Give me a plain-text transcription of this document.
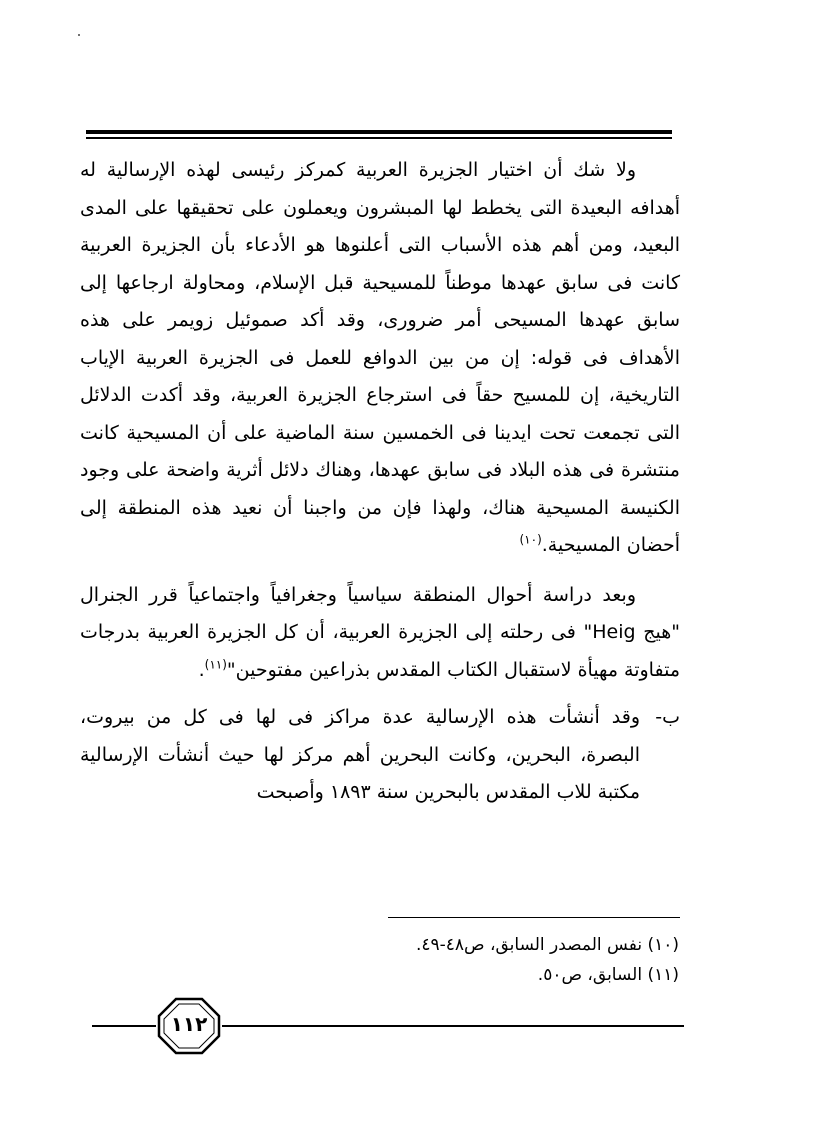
ولا شك أن اختيار الجزيرة العربية كمركز رئيسى لهذه الإرسالية له أهدافه البعيدة التى يخطط لها المبشرون ويعملون على تحقيقها على المدى البعيد، ومن أهم هذه الأسباب التى أعلنوها هو الأدعاء بأن الجزيرة العربية كانت فى سابق عهدها موطناً للمسيحية قبل الإسلام، ومحاولة ارجاعها إلى سابق عهدها المسيحى أمر ضرورى، وقد أكد صموئيل زويمر على هذه الأهداف فى قوله: إن من بين الدوافع للعمل فى الجزيرة العربية الإياب التاريخية، إن للمسيح حقاً فى استرجاع الجزيرة العربية، وقد أكدت الدلائل التى تجمعت تحت ايدينا فى الخمسين سنة الماضية على أن المسيحية كانت منتشرة فى هذه البلاد فى سابق عهدها، وهناك دلائل أثرية واضحة على وجود الكنيسة المسيحية هناك، ولهذا فإن من واجبنا أن نعيد هذه المنطقة إلى أحضان المسيحية.$^{(١٠)}$

وبعد دراسة أحوال المنطقة سياسياً وجغرافياً واجتماعياً قرر الجنرال "هيج Heig" فى رحلته إلى الجزيرة العربية، أن كل الجزيرة العربية بدرجات متفاوتة مهيأة لاستقبال الكتاب المقدس بذراعين مفتوحين"$^{(١١)}$.

ب-وقد أنشأت هذه الإرسالية عدة مراكز فى لها فى كل من بيروت، البصرة، البحرين، وكانت البحرين أهم مركز لها حيث أنشأت الإرسالية مكتبة للاب المقدس بالبحرين سنة ١٨٩٣ وأصبحت

(١٠) نفس المصدر السابق، ص٤٨-٤٩.
(١١) السابق، ص٥٠.
١١٢
